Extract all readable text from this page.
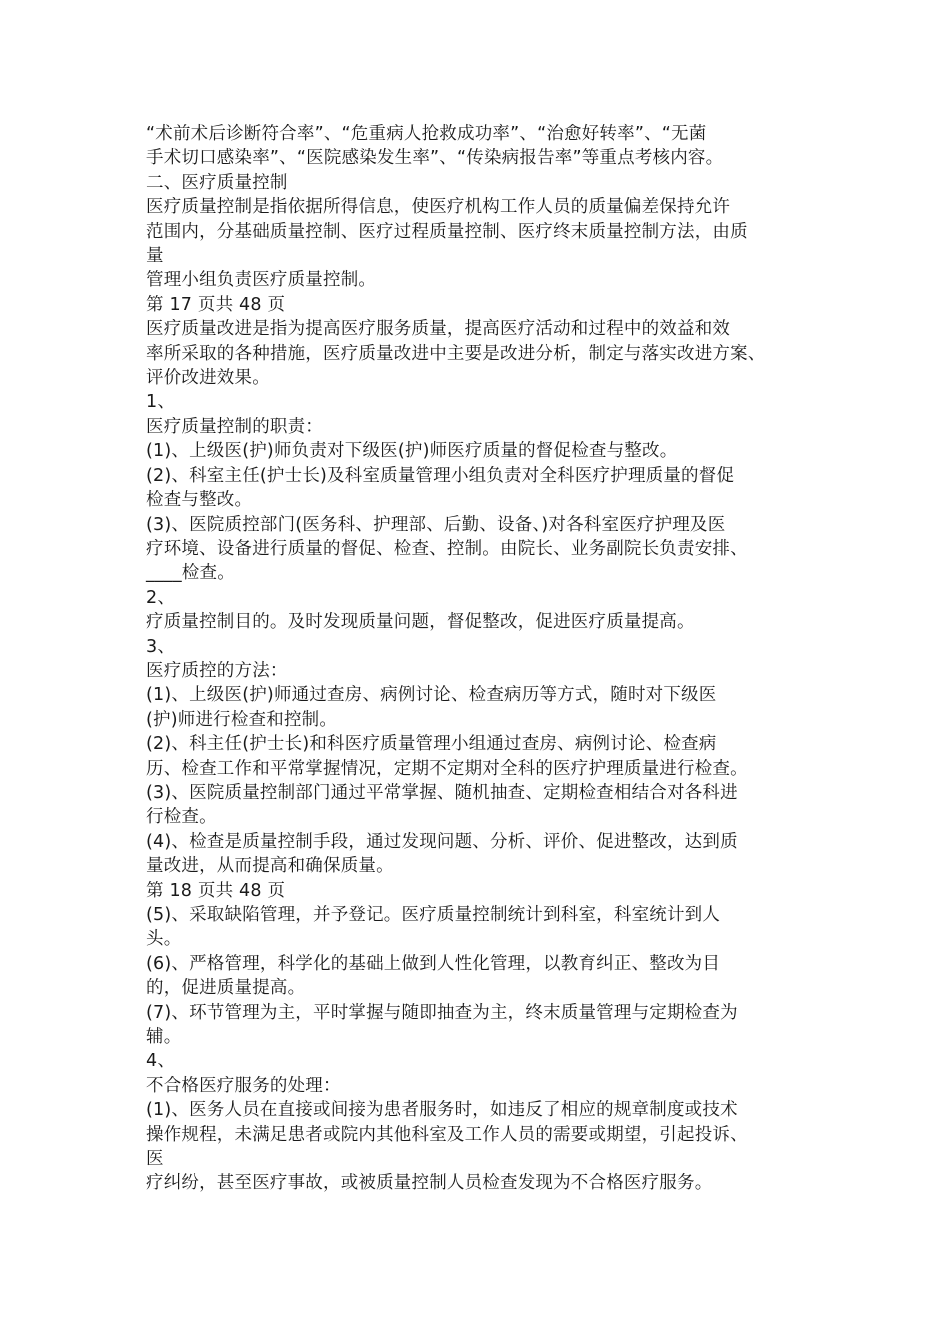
“术前术后诊断符合率”、“危重病人抢救成功率”、“治愈好转率”、“无菌
手术切口感染率”、“医院感染发生率”、“传染病报告率”等重点考核内容。
二、医疗质量控制
医疗质量控制是指依据所得信息，使医疗机构工作人员的质量偏差保持允许
范围内，分基础质量控制、医疗过程质量控制、医疗终末质量控制方法，由质
量
管理小组负责医疗质量控制。
第 17 页共 48 页
医疗质量改进是指为提高医疗服务质量，提高医疗活动和过程中的效益和效
率所采取的各种措施，医疗质量改进中主要是改进分析，制定与落实改进方案、
评价改进效果。
1、
医疗质量控制的职责：
(1)、上级医(护)师负责对下级医(护)师医疗质量的督促检查与整改。
(2)、科室主任(护士长)及科室质量管理小组负责对全科医疗护理质量的督促
检查与整改。
(3)、医院质控部门(医务科、护理部、后勤、设备、)对各科室医疗护理及医
疗环境、设备进行质量的督促、检查、控制。由院长、业务副院长负责安排、
____检查。
2、
疗质量控制目的。及时发现质量问题，督促整改，促进医疗质量提高。
3、
医疗质控的方法：
(1)、上级医(护)师通过查房、病例讨论、检查病历等方式，随时对下级医
(护)师进行检查和控制。
(2)、科主任(护士长)和科医疗质量管理小组通过查房、病例讨论、检查病
历、检查工作和平常掌握情况，定期不定期对全科的医疗护理质量进行检查。
(3)、医院质量控制部门通过平常掌握、随机抽查、定期检查相结合对各科进
行检查。
(4)、检查是质量控制手段，通过发现问题、分析、评价、促进整改，达到质
量改进，从而提高和确保质量。
第 18 页共 48 页
(5)、采取缺陷管理，并予登记。医疗质量控制统计到科室，科室统计到人
头。
(6)、严格管理，科学化的基础上做到人性化管理，以教育纠正、整改为目
的，促进质量提高。
(7)、环节管理为主，平时掌握与随即抽查为主，终末质量管理与定期检查为
辅。
4、
不合格医疗服务的处理：
(1)、医务人员在直接或间接为患者服务时，如违反了相应的规章制度或技术
操作规程，未满足患者或院内其他科室及工作人员的需要或期望，引起投诉、
医
疗纠纷，甚至医疗事故，或被质量控制人员检查发现为不合格医疗服务。
